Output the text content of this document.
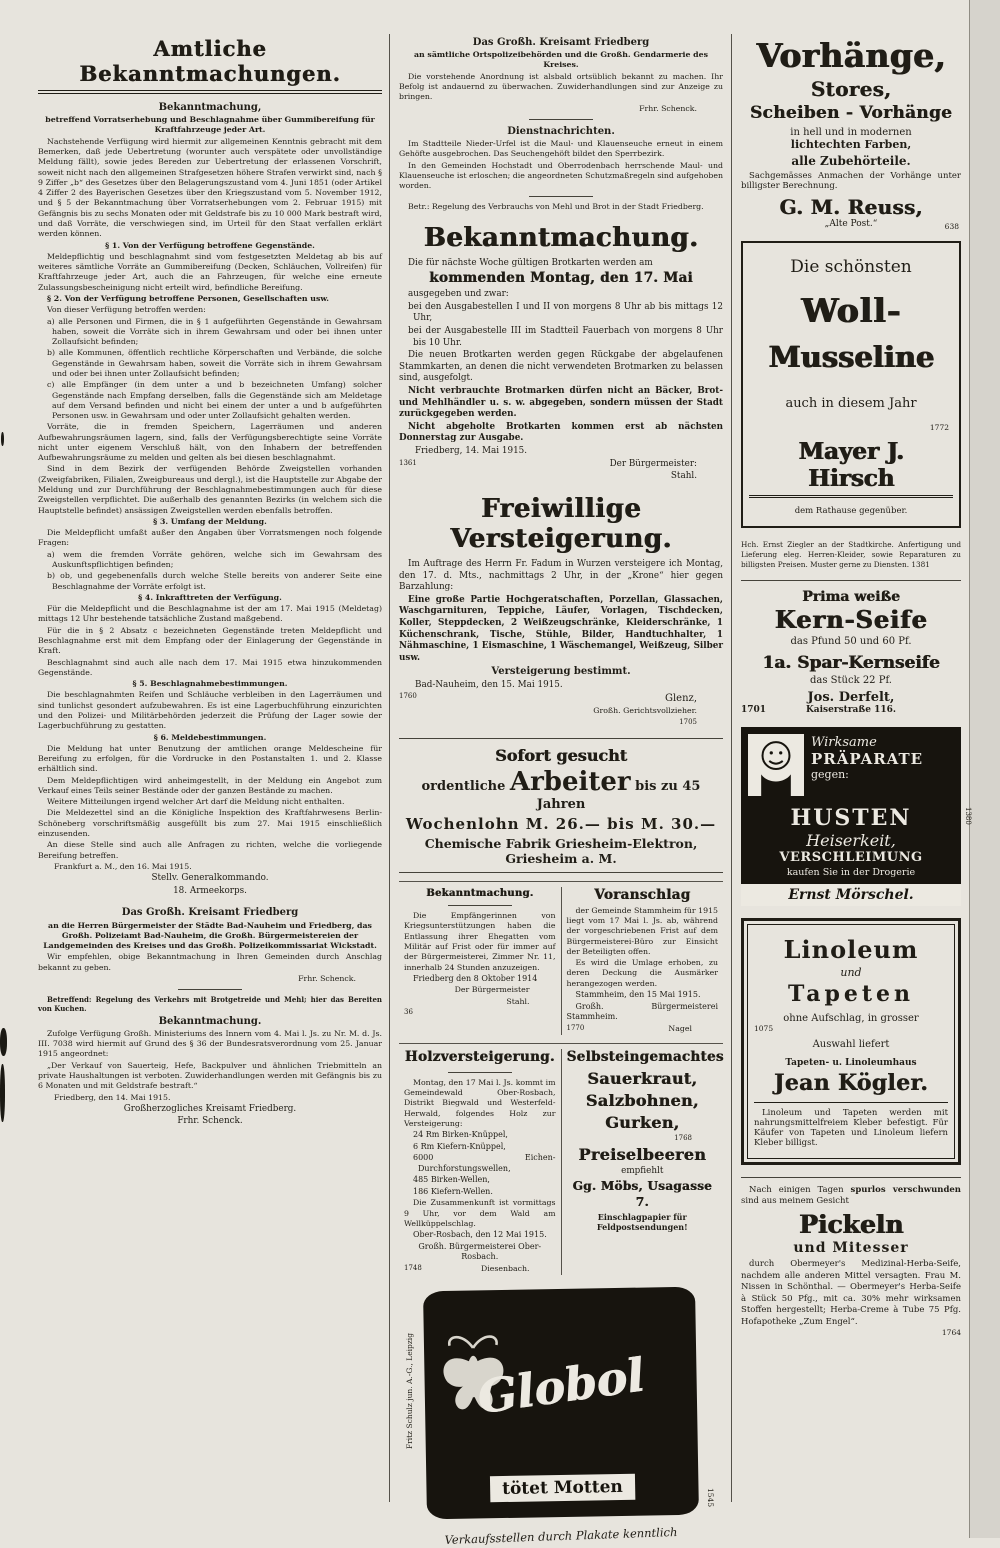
Amtliche Bekanntmachungen.
Bekanntmachung,
betreffend Vorratserhebung und Beschlagnahme über Gummibereifung für Kraftfahrzeuge jeder Art.
Nachstehende Verfügung wird hiermit zur allgemeinen Kenntnis gebracht mit dem Bemerken, daß jede Uebertretung (worunter auch verspätete oder unvollständige Meldung fällt), sowie jedes Bereden zur Uebertretung der erlassenen Vorschrift, soweit nicht nach den allgemeinen Strafgesetzen höhere Strafen verwirkt sind, nach § 9 Ziffer „b“ des Gesetzes über den Belagerungszustand vom 4. Juni 1851 (oder Artikel 4 Ziffer 2 des Bayerischen Gesetzes über den Kriegszustand vom 5. November 1912, und § 5 der Bekanntmachung über Vorratserhebungen vom 2. Februar 1915) mit Gefängnis bis zu sechs Monaten oder mit Geldstrafe bis zu 10 000 Mark bestraft wird, und daß Vorräte, die verschwiegen sind, im Urteil für den Staat verfallen erklärt werden können.
§ 1. Von der Verfügung betroffene Gegenstände.
Meldepflichtig und beschlagnahmt sind vom festgesetzten Meldetag ab bis auf weiteres sämtliche Vorräte an Gummibereifung (Decken, Schläuchen, Vollreifen) für Kraftfahrzeuge jeder Art, auch die an Fahrzeugen, für welche eine erneute Zulassungsbescheinigung nicht erteilt wird, befindliche Bereifung.
§ 2. Von der Verfügung betroffene Personen, Gesellschaften usw.
Von dieser Verfügung betroffen werden:
a) alle Personen und Firmen, die in § 1 aufgeführten Gegenstände in Gewahrsam haben, soweit die Vorräte sich in ihrem Gewahrsam und oder bei ihnen unter Zollaufsicht befinden;
b) alle Kommunen, öffentlich rechtliche Körperschaften und Verbände, die solche Gegenstände in Gewahrsam haben, soweit die Vorräte sich in ihrem Gewahrsam und oder bei ihnen unter Zollaufsicht befinden;
c) alle Empfänger (in dem unter a und b bezeichneten Umfang) solcher Gegenstände nach Empfang derselben, falls die Gegenstände sich am Meldetage auf dem Versand befinden und nicht bei einem der unter a und b aufgeführten Personen usw. in Gewahrsam und oder unter Zollaufsicht gehalten werden.
Vorräte, die in fremden Speichern, Lagerräumen und anderen Aufbewahrungsräumen lagern, sind, falls der Verfügungsberechtigte seine Vorräte nicht unter eigenem Verschluß hält, von den Inhabern der betreffenden Aufbewahrungsräume zu melden und gelten als bei diesen beschlagnahmt.
Sind in dem Bezirk der verfügenden Behörde Zweigstellen vorhanden (Zweigfabriken, Filialen, Zweigbureaus und dergl.), ist die Hauptstelle zur Abgabe der Meldung und zur Durchführung der Beschlagnahmebestimmungen auch für diese Zweigstellen verpflichtet. Die außerhalb des genannten Bezirks (in welchem sich die Hauptstelle befindet) ansässigen Zweigstellen werden ebenfalls betroffen.
§ 3. Umfang der Meldung.
Die Meldepflicht umfaßt außer den Angaben über Vorratsmengen noch folgende Fragen:
a) wem die fremden Vorräte gehören, welche sich im Gewahrsam des Auskunftspflichtigen befinden;
b) ob, und gegebenenfalls durch welche Stelle bereits von anderer Seite eine Beschlagnahme der Vorräte erfolgt ist.
§ 4. Inkrafttreten der Verfügung.
Für die Meldepflicht und die Beschlagnahme ist der am 17. Mai 1915 (Meldetag) mittags 12 Uhr bestehende tatsächliche Zustand maßgebend.
Für die in § 2 Absatz c bezeichneten Gegenstände treten Meldepflicht und Beschlagnahme erst mit dem Empfang oder der Einlagerung der Gegenstände in Kraft.
Beschlagnahmt sind auch alle nach dem 17. Mai 1915 etwa hinzukommenden Gegenstände.
§ 5. Beschlagnahmebestimmungen.
Die beschlagnahmten Reifen und Schläuche verbleiben in den Lagerräumen und sind tunlichst gesondert aufzubewahren. Es ist eine Lagerbuchführung einzurichten und den Polizei- und Militärbehörden jederzeit die Prüfung der Lager sowie der Lagerbuchführung zu gestatten.
§ 6. Meldebestimmungen.
Die Meldung hat unter Benutzung der amtlichen orange Meldescheine für Bereifung zu erfolgen, für die Vordrucke in den Postanstalten 1. und 2. Klasse erhältlich sind.
Dem Meldepflichtigen wird anheimgestellt, in der Meldung ein Angebot zum Verkauf eines Teils seiner Bestände oder der ganzen Bestände zu machen.
Weitere Mitteilungen irgend welcher Art darf die Meldung nicht enthalten.
Die Meldezettel sind an die Königliche Inspektion des Kraftfahrwesens Berlin-Schöneberg vorschriftsmäßig ausgefüllt bis zum 27. Mai 1915 einschließlich einzusenden.
An diese Stelle sind auch alle Anfragen zu richten, welche die vorliegende Bereifung betreffen.
Frankfurt a. M., den 16. Mai 1915.
Stellv. Generalkommando.
18. Armeekorps.
Das Großh. Kreisamt Friedberg
an die Herren Bürgermeister der Städte Bad-Nauheim und Friedberg, das Großh. Polizeiamt Bad-Nauheim, die Großh. Bürgermeistereien der Landgemeinden des Kreises und das Großh. Polizeikommissariat Wickstadt.
Wir empfehlen, obige Bekanntmachung in Ihren Gemeinden durch Anschlag bekannt zu geben.
Frhr. Schenck.
Betreffend: Regelung des Verkehrs mit Brotgetreide und Mehl; hier das Bereiten von Kuchen.
Bekanntmachung.
Zufolge Verfügung Großh. Ministeriums des Innern vom 4. Mai l. Js. zu Nr. M. d. Js. III. 7038 wird hiermit auf Grund des § 36 der Bundesratsverordnung vom 25. Januar 1915 angeordnet:
„Der Verkauf von Sauerteig, Hefe, Backpulver und ähnlichen Triebmitteln an private Haushaltungen ist verboten. Zuwiderhandlungen werden mit Gefängnis bis zu 6 Monaten und mit Geldstrafe bestraft.“
Friedberg, den 14. Mai 1915.
Großherzogliches Kreisamt Friedberg.
Frhr. Schenck.
Das Großh. Kreisamt Friedberg
an sämtliche Ortspolizeibehörden und die Großh. Gendarmerie des Kreises.
Die vorstehende Anordnung ist alsbald ortsüblich bekannt zu machen. Ihr Befolg ist andauernd zu überwachen. Zuwiderhandlungen sind zur Anzeige zu bringen.
Frhr. Schenck.
Dienstnachrichten.
Im Stadtteile Nieder-Urfel ist die Maul- und Klauenseuche erneut in einem Gehöfte ausgebrochen. Das Seuchengehöft bildet den Sperrbezirk.
In den Gemeinden Hochstadt und Oberrodenbach herrschende Maul- und Klauenseuche ist erloschen; die angeordneten Schutzmaßregeln sind aufgehoben worden.
Betr.: Regelung des Verbrauchs von Mehl und Brot in der Stadt Friedberg.
Bekanntmachung.
Die für nächste Woche gültigen Brotkarten werden am
kommenden Montag, den 17. Mai
ausgegeben und zwar:
bei den Ausgabestellen I und II von morgens 8 Uhr ab bis mittags 12 Uhr,
bei der Ausgabestelle III im Stadtteil Fauerbach von morgens 8 Uhr bis 10 Uhr.
Die neuen Brotkarten werden gegen Rückgabe der abgelaufenen Stammkarten, an denen die nicht verwendeten Brotmarken zu belassen sind, ausgefolgt.
Nicht verbrauchte Brotmarken dürfen nicht an Bäcker, Brot- und Mehlhändler u. s. w. abgegeben, sondern müssen der Stadt zurückgegeben werden.
Nicht abgeholte Brotkarten kommen erst ab nächsten Donnerstag zur Ausgabe.
Friedberg, 14. Mai 1915.
1361	Der Bürgermeister:
Stahl.
Freiwillige Versteigerung.
Im Auftrage des Herrn Fr. Fadum in Wurzen versteigere ich Montag, den 17. d. Mts., nachmittags 2 Uhr, in der „Krone“ hier gegen Barzahlung:
Eine große Partie Hochgeratschaften, Porzellan, Glassachen, Waschgarnituren, Teppiche, Läufer, Vorlagen, Tischdecken, Koller, Steppdecken, 2 Weißzeugschränke, Kleiderschränke, 1 Küchenschrank, Tische, Stühle, Bilder, Handtuchhalter, 1 Nähmaschine, 1 Eismaschine, 1 Wäschemangel, Weißzeug, Silber usw.
Versteigerung bestimmt.
Bad-Nauheim, den 15. Mai 1915.
1760	Glenz,
Großh. Gerichtsvollzieher.
1705
Sofort gesucht
ordentliche Arbeiter bis zu 45 Jahren
Wochenlohn M. 26.— bis M. 30.—
Chemische Fabrik Griesheim-Elektron, Griesheim a. M.
Bekanntmachung.
Die Empfängerinnen von Kriegsunterstützungen haben die Entlassung ihrer Ehegatten vom Militär auf Frist oder für immer auf der Bürgermeisterei, Zimmer Nr. 11, innerhalb 24 Stunden anzuzeigen.
Friedberg den 8 Oktober 1914
Der Bürgermeister
Stahl.
36
Voranschlag
der Gemeinde Stammheim für 1915 liegt vom 17 Mai l. Js. ab, während der vorgeschriebenen Frist auf dem Bürgermeisterei-Büro zur Einsicht der Beteiligten offen.
Es wird die Umlage erhoben, zu deren Deckung die Ausmärker herangezogen werden.
Stammheim, den 15 Mai 1915.
Großh. Bürgermeisterei Stammheim.
1770	Nagel
Holzversteigerung.
Montag, den 17 Mai l. Js. kommt im Gemeindewald Ober-Rosbach, Distrikt Biegwald und Westerfeld-Herwald, folgendes Holz zur Versteigerung:
24 Rm Birken-Knüppel,
6 Rm Kiefern-Knüppel,
6000 Eichen-Durchforstungswellen,
485 Birken-Wellen,
186 Kiefern-Wellen.
Die Zusammenkunft ist vormittags 9 Uhr, vor dem Wald am Wellküppelschlag.
Ober-Rosbach, den 12 Mai 1915.
Großh. Bürgermeisterei Ober-Rosbach.
1748	Diesenbach.
Selbsteingemachtes
Sauerkraut,
Salzbohnen,
Gurken,
1768
Preiselbeeren
empfiehlt
Gg. Möbs, Usagasse 7.
Einschlagpapier für Feldpostsendungen!
Fritz Schulz jun. A.-G., Leipzig Globol
tötet Motten
Verkaufsstellen durch Plakate kenntlich
1545
Vorhänge,
Stores,
Scheiben - Vorhänge
in hell und in modernen
lichtechten Farben,
alle Zubehörteile.
Sachgemässes Anmachen der Vorhänge unter billigster Berechnung.
G. M. Reuss,
„Alte Post.“	638
Die schönsten
Woll-
Musseline
auch in diesem Jahr
1772
Mayer J. Hirsch
dem Rathause gegenüber.
Hch. Ernst Ziegler an der Stadtkirche. Anfertigung und Lieferung eleg. Herren-Kleider, sowie Reparaturen zu billigsten Preisen. Muster gerne zu Diensten. 1381
Prima weiße
Kern-Seife
das Pfund 50 und 60 Pf.
1a. Spar-Kernseife
das Stück 22 Pf.
Jos. Derfelt,
1701	Kaiserstraße 116.
Wirksame
PRÄPARATE
gegen:
HUSTEN
Heiserkeit,
VERSCHLEIMUNG
kaufen Sie in der Drogerie
Ernst Mörschel.
1380
Linoleum
und
Tapeten
ohne Aufschlag, in grosser
1075
Auswahl liefert
Tapeten- u. Linoleumhaus
Jean Kögler.
Linoleum und Tapeten werden mit nahrungsmittelfreiem Kleber befestigt. Für Käufer von Tapeten und Linoleum liefern Kleber billigst.
Nach einigen Tagen spurlos verschwunden sind aus meinem Gesicht
Pickeln
und Mitesser
durch Obermeyer's Medizinal-Herba-Seife, nachdem alle anderen Mittel versagten. Frau M. Nissen in Schönthal. — Obermeyer's Herba-Seife à Stück 50 Pfg., mit ca. 30% mehr wirksamen Stoffen hergestellt; Herba-Creme à Tube 75 Pfg. Hofapotheke „Zum Engel“.
1764
